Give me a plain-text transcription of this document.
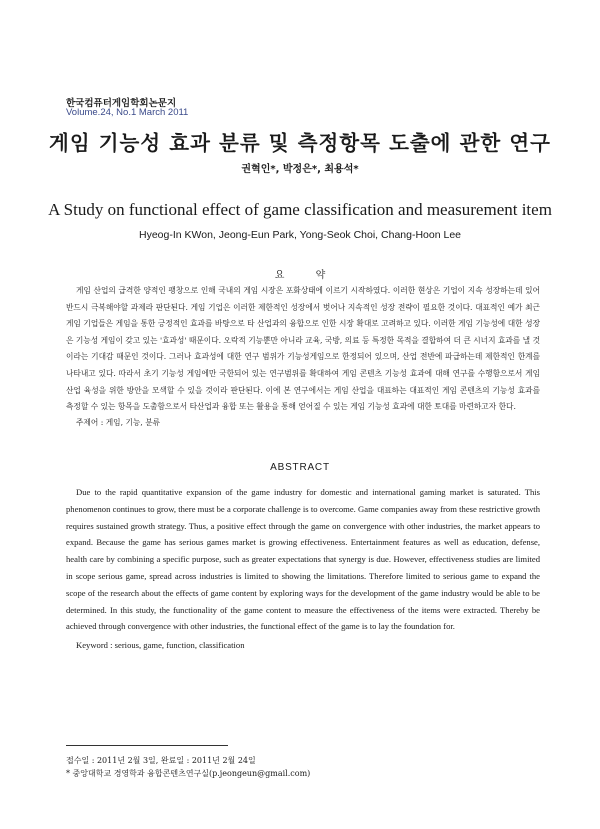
한국컴퓨터게임학회논문지
Volume.24, No.1 March 2011
게임 기능성 효과 분류 및 측정항목 도출에 관한 연구
권혁인*, 박정은*, 최용석*
A Study on functional effect of game classification and measurement item
Hyeog-In KWon, Jeong-Eun Park, Yong-Seok Choi, Chang-Hoon Lee
요 약

게임 산업의 급격한 양적인 팽창으로 인해 국내의 게임 시장은 포화상태에 이르기 시작하였다. 이러한 현상은 기업이 지속 성장하는데 있어 반드시 극복해야할 과제라 판단된다. 게임 기업은 이러한 제한적인 성장에서 벗어나 지속적인 성장 전략이 필요한 것이다. 대표적인 예가 최근 게임 기업들은 게임을 통한 긍정적인 효과를 바탕으로 타 산업과의 융합으로 인한 시장 확대로 고려하고 있다. 이러한 게임 기능성에 대한 성장은 기능성 게임이 갖고 있는 '효과성' 때문이다. 오락적 기능뿐만 아니라 교육, 국방, 의료 등 특정한 목적을 결합하여 더 큰 시너지 효과를 낼 것이라는 기대감 때문인 것이다. 그러나 효과성에 대한 연구 범위가 기능성게임으로 한정되어 있으며, 산업 전반에 파급하는데 제한적인 한계를 나타내고 있다. 따라서 초기 기능성 게임에만 국한되어 있는 연구범위를 확대하여 게임 콘텐츠 기능성 효과에 대해 연구를 수행함으로서 게임 산업 육성을 위한 방안을 모색할 수 있을 것이라 판단된다. 이에 본 연구에서는 게임 산업을 대표하는 대표적인 게임 콘텐츠의 기능성 효과를 측정할 수 있는 항목을 도출함으로서 타산업과 융합 또는 활용을 통해 얻어질 수 있는 게임 기능성 효과에 대한 토대를 마련하고자 한다.

주제어 : 게임, 기능, 분류
ABSTRACT

Due to the rapid quantitative expansion of the game industry for domestic and international gaming market is saturated. This phenomenon continues to grow, there must be a corporate challenge is to overcome. Game companies away from these restrictive growth requires sustained growth strategy. Thus, a positive effect through the game on convergence with other industries, the market appears to expand. Because the game has serious games market is growing effectiveness. Entertainment features as well as education, defense, health care by combining a specific purpose, such as greater expectations that synergy is due. However, effectiveness studies are limited in scope serious game, spread across industries is limited to showing the limitations. Therefore limited to serious game to expand the scope of the research about the effects of game content by exploring ways for the development of the game industry would be able to be determined. In this study, the functionality of the game content to measure the effectiveness of the items were extracted. Thereby be achieved through convergence with other industries, the functional effect of the game is to lay the foundation for.

Keyword : serious, game, function, classification
접수일 : 2011년 2월 3일, 완료일 : 2011년 2월 24일
* 중앙대학교 경영학과 융합콘텐츠연구실(p.jeongeun@gmail.com)
